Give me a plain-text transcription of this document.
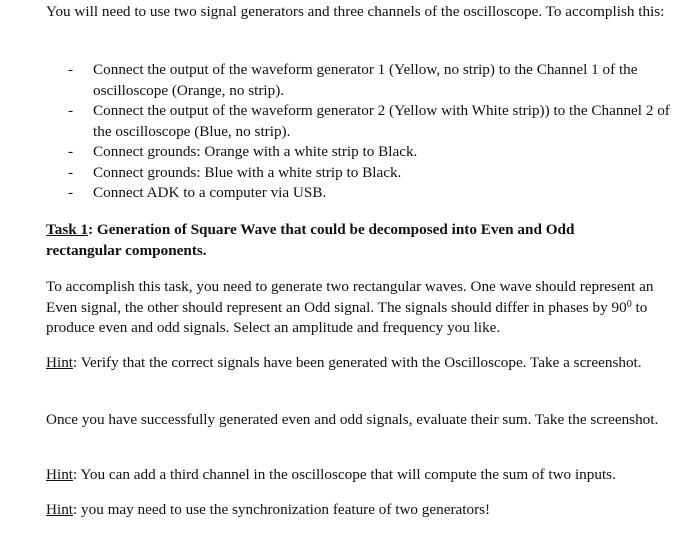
You will need to use two signal generators and three channels of the oscilloscope. To accomplish this:

- Connect the output of the waveform generator 1 (Yellow, no strip) to the Channel 1 of the oscilloscope (Orange, no strip).
- Connect the output of the waveform generator 2 (Yellow with White strip)) to the Channel 2 of the oscilloscope (Blue, no strip).
- Connect grounds: Orange with a white strip to Black.
- Connect grounds: Blue with a white strip to Black.
- Connect ADK to a computer via USB.

Task 1: Generation of Square Wave that could be decomposed into Even and Odd rectangular components.

To accomplish this task, you need to generate two rectangular waves. One wave should represent an Even signal, the other should represent an Odd signal. The signals should differ in phases by $90^0$ to produce even and odd signals. Select an amplitude and frequency you like.

Hint: Verify that the correct signals have been generated with the Oscilloscope. Take a screenshot.

Once you have successfully generated even and odd signals, evaluate their sum. Take the screenshot.

Hint: You can add a third channel in the oscilloscope that will compute the sum of two inputs.

Hint: you may need to use the synchronization feature of two generators!
